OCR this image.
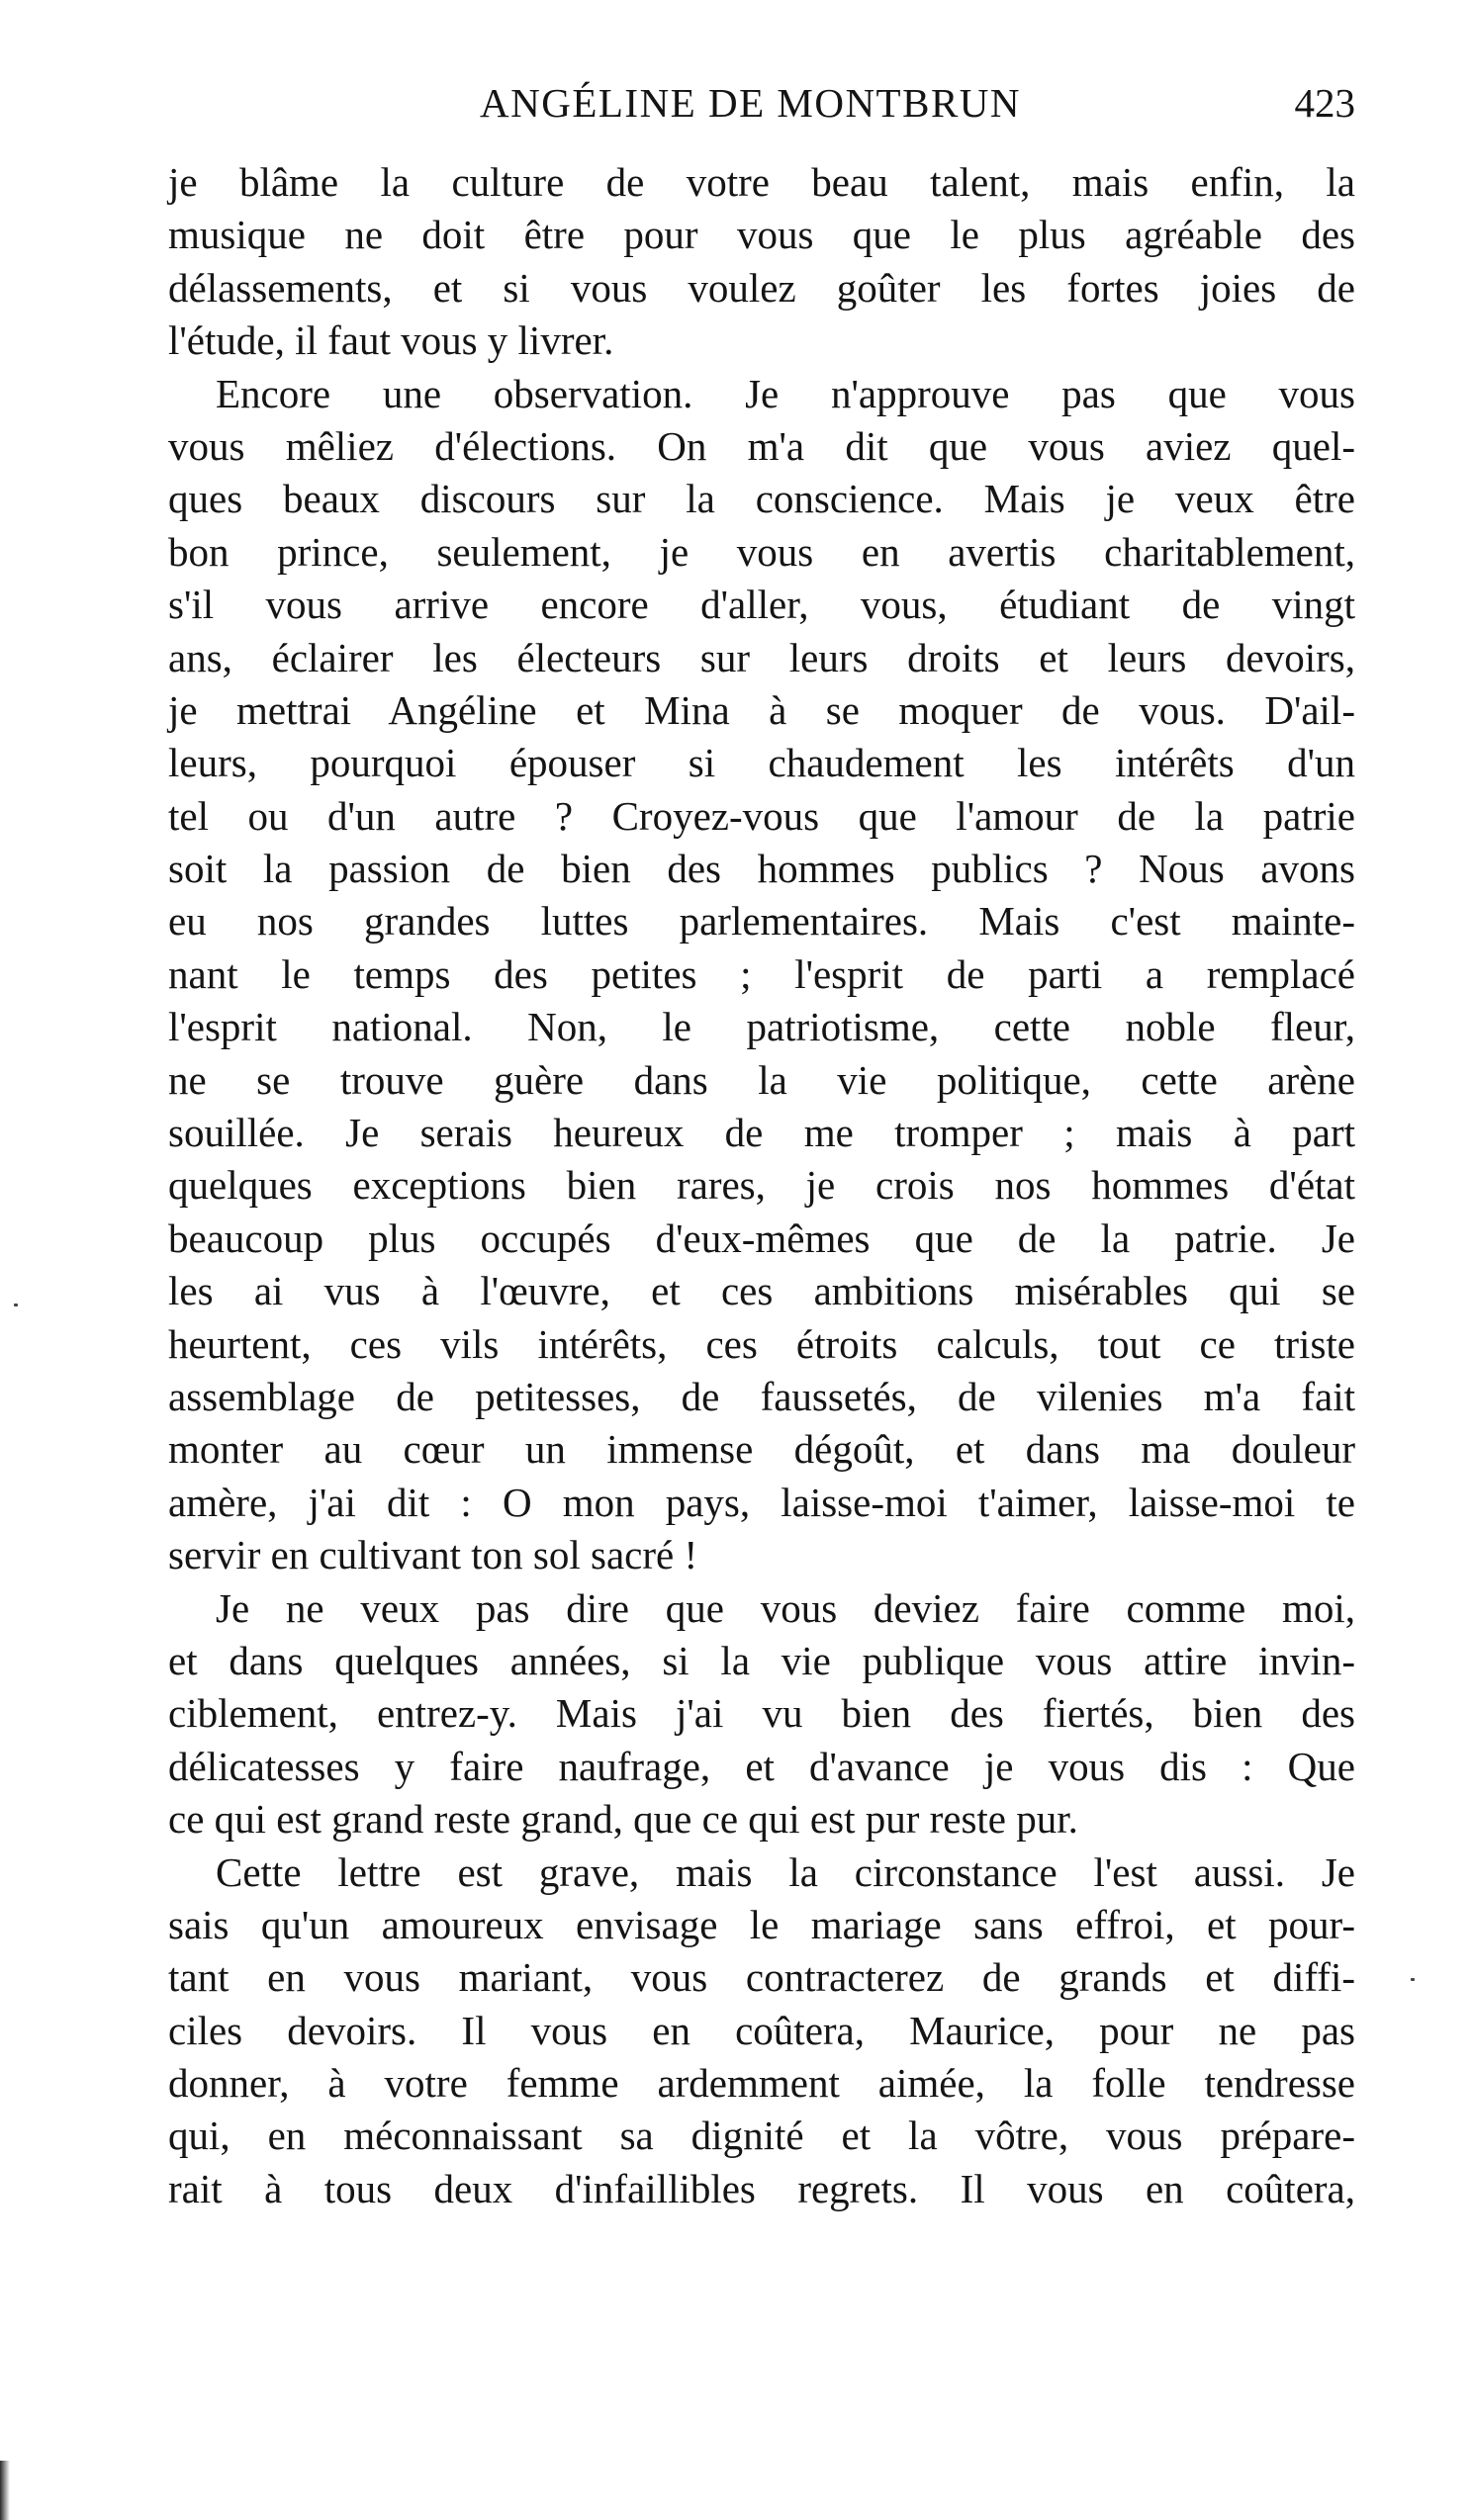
ANGÉLINE DE MONTBRUN	423
je blâme la culture de votre beau talent, mais enfin, la
musique ne doit être pour vous que le plus agréable des
délassements, et si vous voulez goûter les fortes joies de
l'étude, il faut vous y livrer.
Encore une observation. Je n'approuve pas que vous
vous mêliez d'élections. On m'a dit que vous aviez quel-
ques beaux discours sur la conscience. Mais je veux être
bon prince, seulement, je vous en avertis charitablement,
s'il vous arrive encore d'aller, vous, étudiant de vingt
ans, éclairer les électeurs sur leurs droits et leurs devoirs,
je mettrai Angéline et Mina à se moquer de vous. D'ail-
leurs, pourquoi épouser si chaudement les intérêts d'un
tel ou d'un autre ? Croyez-vous que l'amour de la patrie
soit la passion de bien des hommes publics ? Nous avons
eu nos grandes luttes parlementaires. Mais c'est mainte-
nant le temps des petites ; l'esprit de parti a remplacé
l'esprit national. Non, le patriotisme, cette noble fleur,
ne se trouve guère dans la vie politique, cette arène
souillée. Je serais heureux de me tromper ; mais à part
quelques exceptions bien rares, je crois nos hommes d'état
beaucoup plus occupés d'eux-mêmes que de la patrie. Je
les ai vus à l'œuvre, et ces ambitions misérables qui se
heurtent, ces vils intérêts, ces étroits calculs, tout ce triste
assemblage de petitesses, de faussetés, de vilenies m'a fait
monter au cœur un immense dégoût, et dans ma douleur
amère, j'ai dit : O mon pays, laisse-moi t'aimer, laisse-moi te
servir en cultivant ton sol sacré !
Je ne veux pas dire que vous deviez faire comme moi,
et dans quelques années, si la vie publique vous attire invin-
ciblement, entrez-y. Mais j'ai vu bien des fiertés, bien des
délicatesses y faire naufrage, et d'avance je vous dis : Que
ce qui est grand reste grand, que ce qui est pur reste pur.
Cette lettre est grave, mais la circonstance l'est aussi. Je
sais qu'un amoureux envisage le mariage sans effroi, et pour-
tant en vous mariant, vous contracterez de grands et diffi-
ciles devoirs. Il vous en coûtera, Maurice, pour ne pas
donner, à votre femme ardemment aimée, la folle tendresse
qui, en méconnaissant sa dignité et la vôtre, vous prépare-
rait à tous deux d'infaillibles regrets. Il vous en coûtera,
